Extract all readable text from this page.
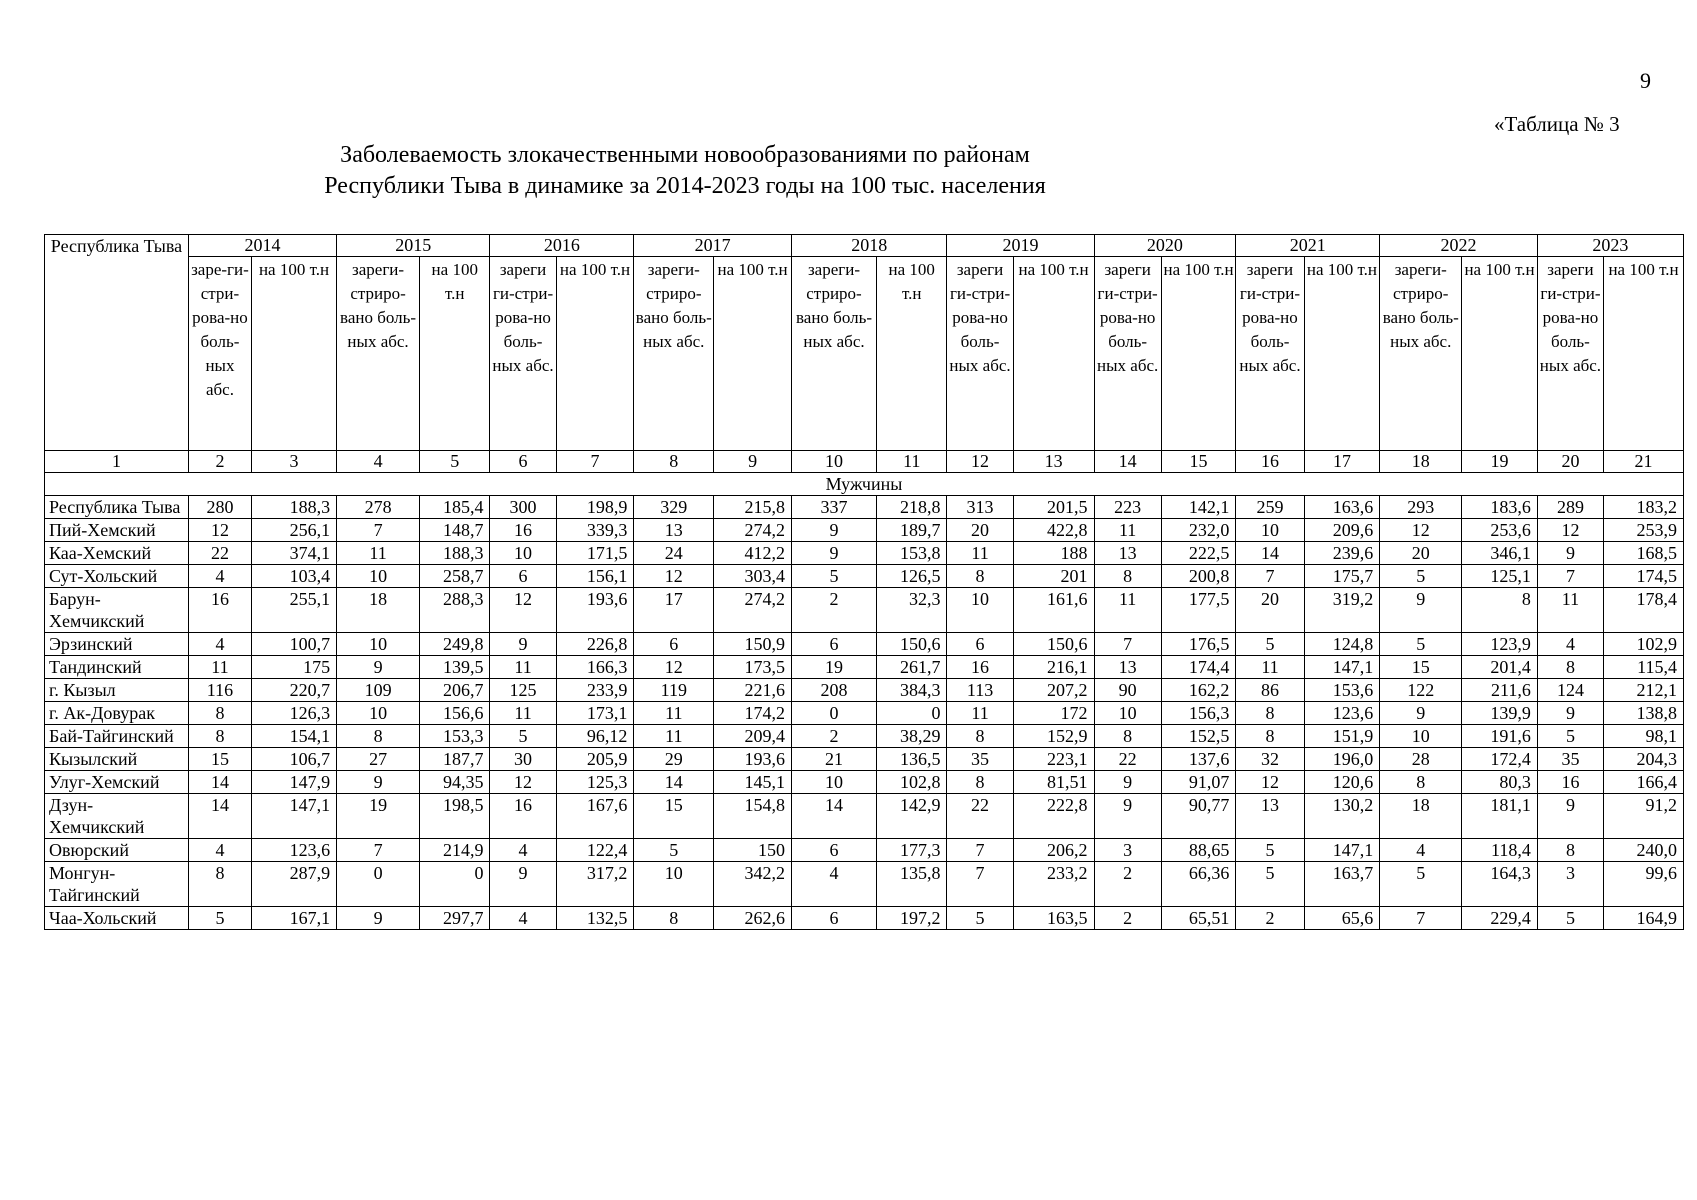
9
«Таблица № 3
Заболеваемость злокачественными новообразованиями по районам
Республики Тыва в динамике за 2014-2023 годы на 100 тыс. населения
Республика Тыва	2014		2015		2016		2017		2018		2019		2020		2021		2022		2023	
	заре-ги-стри-рова-но боль-ных абс.	на 100 т.н	зареги-стриро-вано боль-ных абс.	на 100 т.н	зареги ги-стри-рова-но боль-ных абс.	на 100 т.н	зареги-стриро-вано боль-ных абс.	на 100 т.н	зареги-стриро-вано боль-ных абс.	на 100 т.н	зареги ги-стри-рова-но боль-ных абс.	на 100 т.н	зареги ги-стри-рова-но боль-ных абс.	на 100 т.н	зареги ги-стри-рова-но боль-ных абс.	на 100 т.н	зареги-стриро-вано боль-ных абс.	на 100 т.н	зареги ги-стри-рова-но боль-ных абс.	на 100 т.н
1	2	3	4	5	6	7	8	9	10	11	12	13	14	15	16	17	18	19	20	21
Мужчины																				
Республика Тыва	280	188,3	278	185,4	300	198,9	329	215,8	337	218,8	313	201,5	223	142,1	259	163,6	293	183,6	289	183,2
Пий-Хемский	12	256,1	7	148,7	16	339,3	13	274,2	9	189,7	20	422,8	11	232,0	10	209,6	12	253,6	12	253,9
Каа-Хемский	22	374,1	11	188,3	10	171,5	24	412,2	9	153,8	11	188	13	222,5	14	239,6	20	346,1	9	168,5
Сут-Хольский	4	103,4	10	258,7	6	156,1	12	303,4	5	126,5	8	201	8	200,8	7	175,7	5	125,1	7	174,5
Барун-Хемчикский	16	255,1	18	288,3	12	193,6	17	274,2	2	32,3	10	161,6	11	177,5	20	319,2	9	8	11	178,4
Эрзинский	4	100,7	10	249,8	9	226,8	6	150,9	6	150,6	6	150,6	7	176,5	5	124,8	5	123,9	4	102,9
Тандинский	11	175	9	139,5	11	166,3	12	173,5	19	261,7	16	216,1	13	174,4	11	147,1	15	201,4	8	115,4
г. Кызыл	116	220,7	109	206,7	125	233,9	119	221,6	208	384,3	113	207,2	90	162,2	86	153,6	122	211,6	124	212,1
г. Ак-Довурак	8	126,3	10	156,6	11	173,1	11	174,2	0	0	11	172	10	156,3	8	123,6	9	139,9	9	138,8
Бай-Тайгинский	8	154,1	8	153,3	5	96,12	11	209,4	2	38,29	8	152,9	8	152,5	8	151,9	10	191,6	5	98,1
Кызылский	15	106,7	27	187,7	30	205,9	29	193,6	21	136,5	35	223,1	22	137,6	32	196,0	28	172,4	35	204,3
Улуг-Хемский	14	147,9	9	94,35	12	125,3	14	145,1	10	102,8	8	81,51	9	91,07	12	120,6	8	80,3	16	166,4
Дзун-Хемчикский	14	147,1	19	198,5	16	167,6	15	154,8	14	142,9	22	222,8	9	90,77	13	130,2	18	181,1	9	91,2
Овюрский	4	123,6	7	214,9	4	122,4	5	150	6	177,3	7	206,2	3	88,65	5	147,1	4	118,4	8	240,0
Монгун-Тайгинский	8	287,9	0	0	9	317,2	10	342,2	4	135,8	7	233,2	2	66,36	5	163,7	5	164,3	3	99,6
Чаа-Хольский	5	167,1	9	297,7	4	132,5	8	262,6	6	197,2	5	163,5	2	65,51	2	65,6	7	229,4	5	164,9
